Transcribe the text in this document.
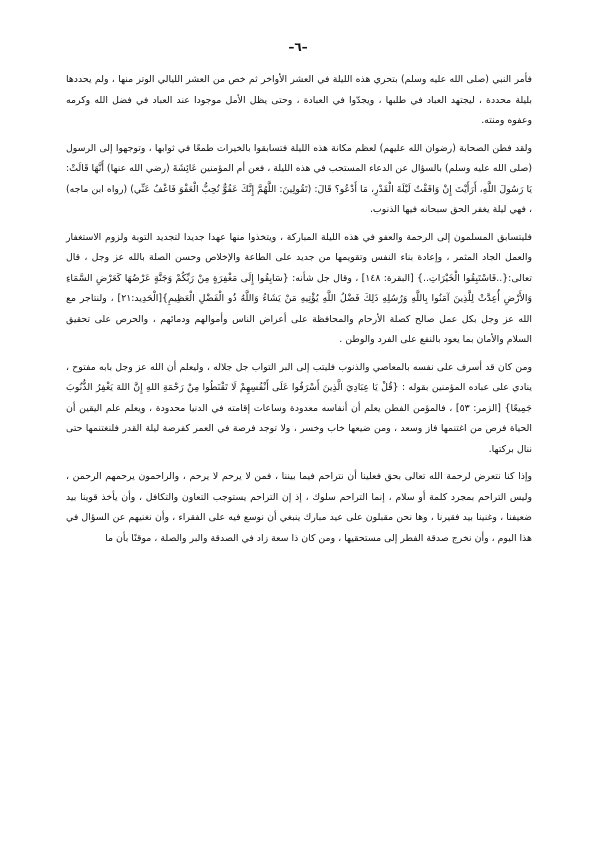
–٦–

فأمر النبي (صلى الله عليه وسلم) بتحري هذه الليلة في العشر الأواخر ثم خص من العشر الليالي الوتر منها ، ولم يحددها بليلة محددة ، ليجتهد العباد في طلبها ، ويجدّوا في العبادة ، وحتى يظل الأمل موجودا عند العباد في فضل الله وكرمه وعفوه ومنته.

ولقد فطن الصحابة (رضوان الله عليهم) لعظم مكانة هذه الليلة فتسابقوا بالخيرات طمعًا في ثوابها ، وتوجهوا إلى الرسول (صلى الله عليه وسلم) بالسؤال عن الدعاء المستحب في هذه الليلة ، فعن أم المؤمنين عَائِشَةَ (رضي الله عنها) أَنَّهَا قَالَتْ: يَا رَسُولَ اللَّهِ، أَرَأَيْتَ إِنْ وَافَقْتُ لَيْلَةَ الْقَدْرِ، مَا أَدْعُو؟ قَالَ: (تَقُولِينَ: اللَّهُمَّ إِنَّكَ عَفُوٌّ تُحِبُّ الْعَفْوَ فَاعْفُ عَنِّي) (رواه ابن ماجه) ، فهي ليلة يغفر الحق سبحانه فيها الذنوب.

فليتسابق المسلمون إلى الرحمة والعفو في هذه الليلة المباركة ، ويتخذوا منها عهدا جديدا لتجديد التوبة ولزوم الاستغفار والعمل الجاد المثمر ، وإعادة بناء النفس وتقويمها من جديد على الطاعة والإخلاص وحسن الصلة بالله عز وجل ، قال تعالى:{..فَاسْتَبِقُوا الْخَيْرَاتِ..} [البقرة: ١٤٨] ، وقال جل شأنه: {سَابِقُوا إِلَى مَغْفِرَةٍ مِنْ رَبِّكُمْ وَجَنَّةٍ عَرْضُهَا كَعَرْضِ السَّمَاءِ وَالأَرْضِ أُعِدَّتْ لِلَّذِينَ آمَنُوا بِاللَّهِ وَرُسُلِهِ ذَلِكَ فَضْلُ اللَّهِ يُؤْتِيهِ مَنْ يَشَاءُ وَاللَّهُ ذُو الْفَضْلِ الْعَظِيمِ}[الْحَدِيد:٢١] ، ولنتاجر مع الله عز وجل بكل عمل صالح كصلة الأرحام والمحافظة على أعراض الناس وأموالهم ودمائهم ، والحرص على تحقيق السلام والأمان بما يعود بالنفع على الفرد والوطن .

ومن كان قد أسرف على نفسه بالمعاصي والذنوب فليتب إلى البر التواب جل جلاله ، وليعلم أن الله عز وجل بابه مفتوح ، ينادي على عباده المؤمنين بقوله : {قُلْ يَا عِبَادِيَ الَّذِينَ أَسْرَفُوا عَلَى أَنْفُسِهِمْ لَا تَقْنَطُوا مِنْ رَحْمَةِ اللهِ إِنَّ اللهَ يَغْفِرُ الذُّنُوبَ جَمِيعًا} [الزمر: ٥٣] ، فالمؤمن الفطن يعلم أن أنفاسه معدودة وساعات إقامته في الدنيا محدودة ، ويعلم علم اليقين أن الحياة فرص من اغتنمها فاز وسعد ، ومن ضيعها خاب وخسر ، ولا توجد فرصة في العمر كفرصة ليلة القدر فلنغتنمها حتى ننال بركتها.

وإذا كنا نتعرض لرحمة الله تعالى بحق فعلينا أن نتراحم فيما بيننا ، فمن لا يرحم لا يرحم ، والراحمون يرحمهم الرحمن ، وليس التراحم بمجرد كلمة أو سلام ، إنما التراحم سلوك ، إذ إن التراحم يستوجب التعاون والتكافل ، وأن يأخذ قوينا بيد ضعيفنا ، وغنينا بيد فقيرنا ، وها نحن مقبلون على عيد مبارك ينبغي أن نوسع فيه على الفقراء ، وأن نغنيهم عن السؤال في هذا اليوم ، وأن نخرج صدقة الفطر إلى مستحقيها ، ومن كان ذا سعة زاد في الصدقة والبر والصلة ، موقنًا بأن ما
